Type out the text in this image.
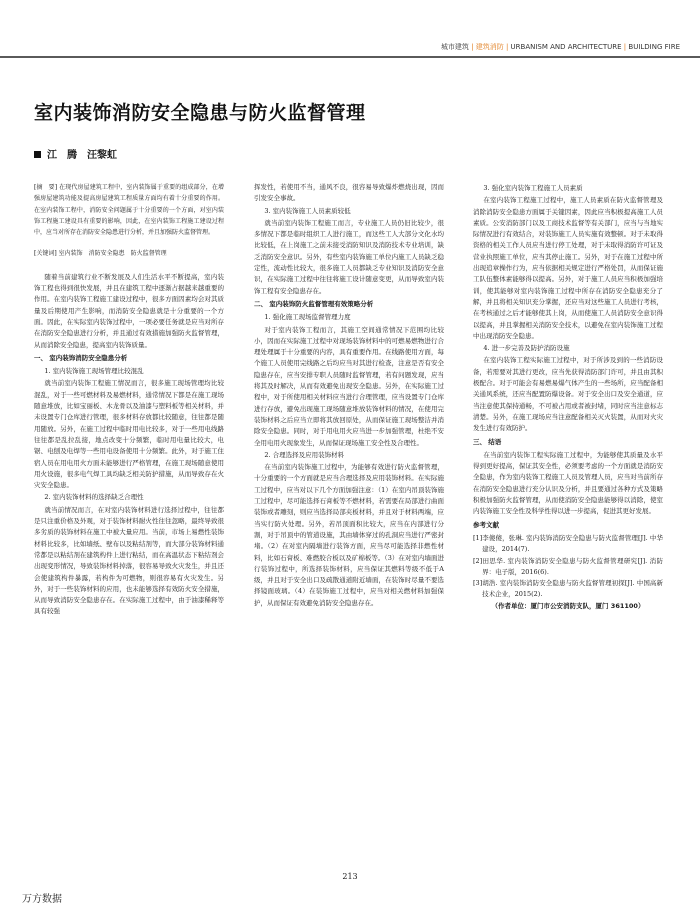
城市建筑 | 建筑消防 | URBANISM AND ARCHITECTURE | BUILDING FIRE
室内装饰消防安全隐患与防火监督管理
江　腾　汪黎虹

[摘　要] 在现代房屋建筑工程中，室内装饰属于重要的组成部分，在增强房屋建筑功能及提高房屋建筑工程质量方面均有着十分重要的作用。在室内装饰工程中，消防安全问题属于十分重要的一个方面，对室内装饰工程施工建设具有重要的影响，因此，在室内装饰工程施工建设过程中，应当对所存在消防安全隐患进行分析，并且加强防火监督管理。

[关键词] 室内装饰　消防安全隐患　防火监督管理

随着当前建筑行业不断发展及人们生活水平不断提高，室内装饰工程也得到很快发展，并且在建筑工程中逐渐占据越来越重要的作用。在室内装饰工程施工建设过程中，很多方面因素均会对其质量及后期使用产生影响，而消防安全隐患就是十分重要的一个方面。因此，在实际室内装饰过程中，一项必要任务就是应当对所存在消防安全隐患进行分析，并且通过有效措施加强防火监督管理，从而消除安全隐患，提高室内装饰质量。

一、 室内装饰消防安全隐患分析

1. 室内装饰施工现场管理比较混乱

就当前室内装饰工程施工情况而言，很多施工现场管理均比较混乱，对于一些可燃材料及易燃材料，通常情况下都是在施工现场随意堆放，比如宝丽板、木龙骨以及油漆与塑料板等相关材料，并未设置专门仓库进行管理，很多材料存放都比较随意，往往都是随用随放。另外，在施工过程中临时用电比较多，对于一些用电线路往往都是乱拉乱接，地点改变十分频繁，临时用电量比较大，电锯、电刨及电焊等一些用电设备使用十分频繁。此外，对于施工住宿人员在用电用火方面未能够进行严格管理，在施工现场随意使用用火设施，很多电气焊工具均缺乏相关防护措施，从而导致存在火灾安全隐患。

2. 室内装饰材料的选择缺乏合理性

就当前情况而言，在对室内装饰材料进行选择过程中，往往都是只注重价格及外观，对于装饰材料耐火性往往忽略，最终导致很多劣质的装饰材料在施工中被大量应用。当前，市场上易燃性装饰材料比较多，比如墙纸、壁布以及粘结剂等，而大部分装饰材料通常都是以粘结剂在建筑构件上进行粘结，而在高温状态下粘结剂会出现变形情况，导致装饰材料掉落，很容易导致火灾发生，并且还会使建筑构件暴露，若构件为可燃物，则很容易有火灾发生。另外，对于一些装饰材料的应用，也未能够选择有效防火安全措施，从而导致消防安全隐患存在。在实际施工过程中，由于油漆稀释等具有较强

挥发性，若使用不当，通风不良，很容易导致爆炸燃烧出现，因而引发安全事故。

3. 室内装饰施工人员素质较低

就当前室内装饰工程施工而言，专业施工人员仍旧比较少，很多情况下都是临时组织工人进行施工，而这些工人大部分文化水均比较低，在上岗施工之前未接受消防知识及消防技术专业培训，缺乏消防安全意识。另外，有些室内装饰施工单位内施工人员缺乏稳定性，流动性比较大，很多施工人员都缺乏专业知识及消防安全意识，在实际施工过程中往往将施工设计随意变更，从而导致室内装饰工程有安全隐患存在。

二、 室内装饰防火监督管理有效策略分析

1. 强化施工现场监督管理力度

对于室内装饰工程而言，其施工空间通常情况下范围均比较小，因而在实际施工过程中对现场装饰材料中的可燃易燃物进行合理处理属于十分重要的内容，具有重要作用。在线路使用方面，每个施工人员使用完线路之后均应当对其进行检查，注意是否有安全隐患存在，应当安排专职人员随时监督管理，若有问题发现，应当将其及时解决，从而有效避免出现安全隐患。另外，在实际施工过程中，对于所使用相关材料应当进行合理管理，应当设置专门仓库进行存放，避免出现施工现场随意堆放装饰材料的情况，在使用完装饰材料之后应当立即将其放回原处，从而保证施工现场整洁并消除安全隐患。同时，对于用电用火应当进一步加强管理，杜绝不安全用电用火现象发生，从而保证现场施工安全性及合理性。

2. 合理选择及应用装饰材料

在当前室内装饰施工过程中，为能够有效进行防火监督管理，十分重要的一个方面就是应当合理选择及应用装饰材料。在实际施工过程中，应当对以下几个方面加强注意：（1）在室内吊顶装饰施工过程中，尽可能选择石膏板等不燃材料，若需要在局部进行曲面装饰或者雕刻，则应当选择局部夹板材料，并且对于材料两端，应当实行防火处理。另外，若吊顶面积比较大，应当在内部进行分割，对于吊顶中的管道设施，其由墙体穿过的孔洞应当进行严密封堵。（2）在对室内隔墙进行装饰方面，应当尽可能选择非燃性材料，比如石膏板、难燃胶合板以及矿棉板等。（3）在对室内墙面进行装饰过程中，所选择装饰材料，应当保证其燃料等级不低于A级，并且对于安全出口及疏散通道附近墙面，在装饰时尽量不要选择镜面玻璃。（4）在装饰施工过程中，应当对相关燃材料加强保护，从而保证有效避免消防安全隐患存在。

3. 强化室内装饰工程施工人员素质

在室内装饰工程施工过程中，施工人员素质在防火监督管理及消除消防安全隐患方面属于关键因素，因此应当积极提高施工人员素质。公安消防部门以及工商技术监督等有关部门，应当与当地实际情况进行有效结合，对装饰施工人员实施有效整顿。对于未取得资格的相关工作人员应当进行停工处理，对于未取得消防许可证及营业执照施工单位，应当其停止施工。另外，对于在施工过程中所出现追章操作行为，应当依据相关规定进行严格处罚，从而保证施工队伍整体素能够得以提高。另外，对于施工人员应当积极加强培训，使其能够对室内装饰施工过程中所存在消防安全隐患充分了解，并且将相关知识充分掌握，还应当对这些施工人员进行考核，在考核通过之后才能够使其上岗，从而使施工人员消防安全意识得以提高，并且掌握相关消防安全技术，以避免在室内装饰施工过程中出现消防安全隐患。

4. 进一步完善及防护消防设施

在室内装饰工程实际施工过程中，对于所涉及到的一些消防设备，若需要对其进行更改，应当先获得消防部门许可，并且由其积极配合。对于可能会有易燃易爆气体产生的一些场所，应当配备相关通风系统，还应当配置防爆设备。对于安全出口及安全通道，应当注意使其保持通畅，不可被占用或者被封堵，同时应当注意标志清楚。另外，在施工现场应当注意配备相关灭火装置，从而对火灾发生进行有效防护。

三、 结语

在当前室内装饰工程实际施工过程中，为能够使其质量及水平得到更好提高，保证其安全性，必须要考虑的一个方面就是消防安全隐患，作为室内装饰工程施工人员及管理人员，应当对当前所存在消防安全隐患进行充分认识及分析，并且要通过各种方式及策略积极加强防火监督管理，从而使消防安全隐患能够得以消除，使室内装饰施工安全性及科学性得以进一步提高，促进其更好发展。

参考文献

[1]李傻傻，张琳. 室内装饰消防安全隐患与防火监督管理[J]. 中华建设，2014(7).

[2]田思华. 室内装饰消防安全隐患与防火监督管理研究[J]. 消防界：电子版，2016(6).

[3]胡浩. 室内装饰消防安全隐患与防火监督管理初探[J]. 中国高新技术企业，2015(2).

（作者单位：厦门市公安消防支队，厦门 361100）

213
万方数据
